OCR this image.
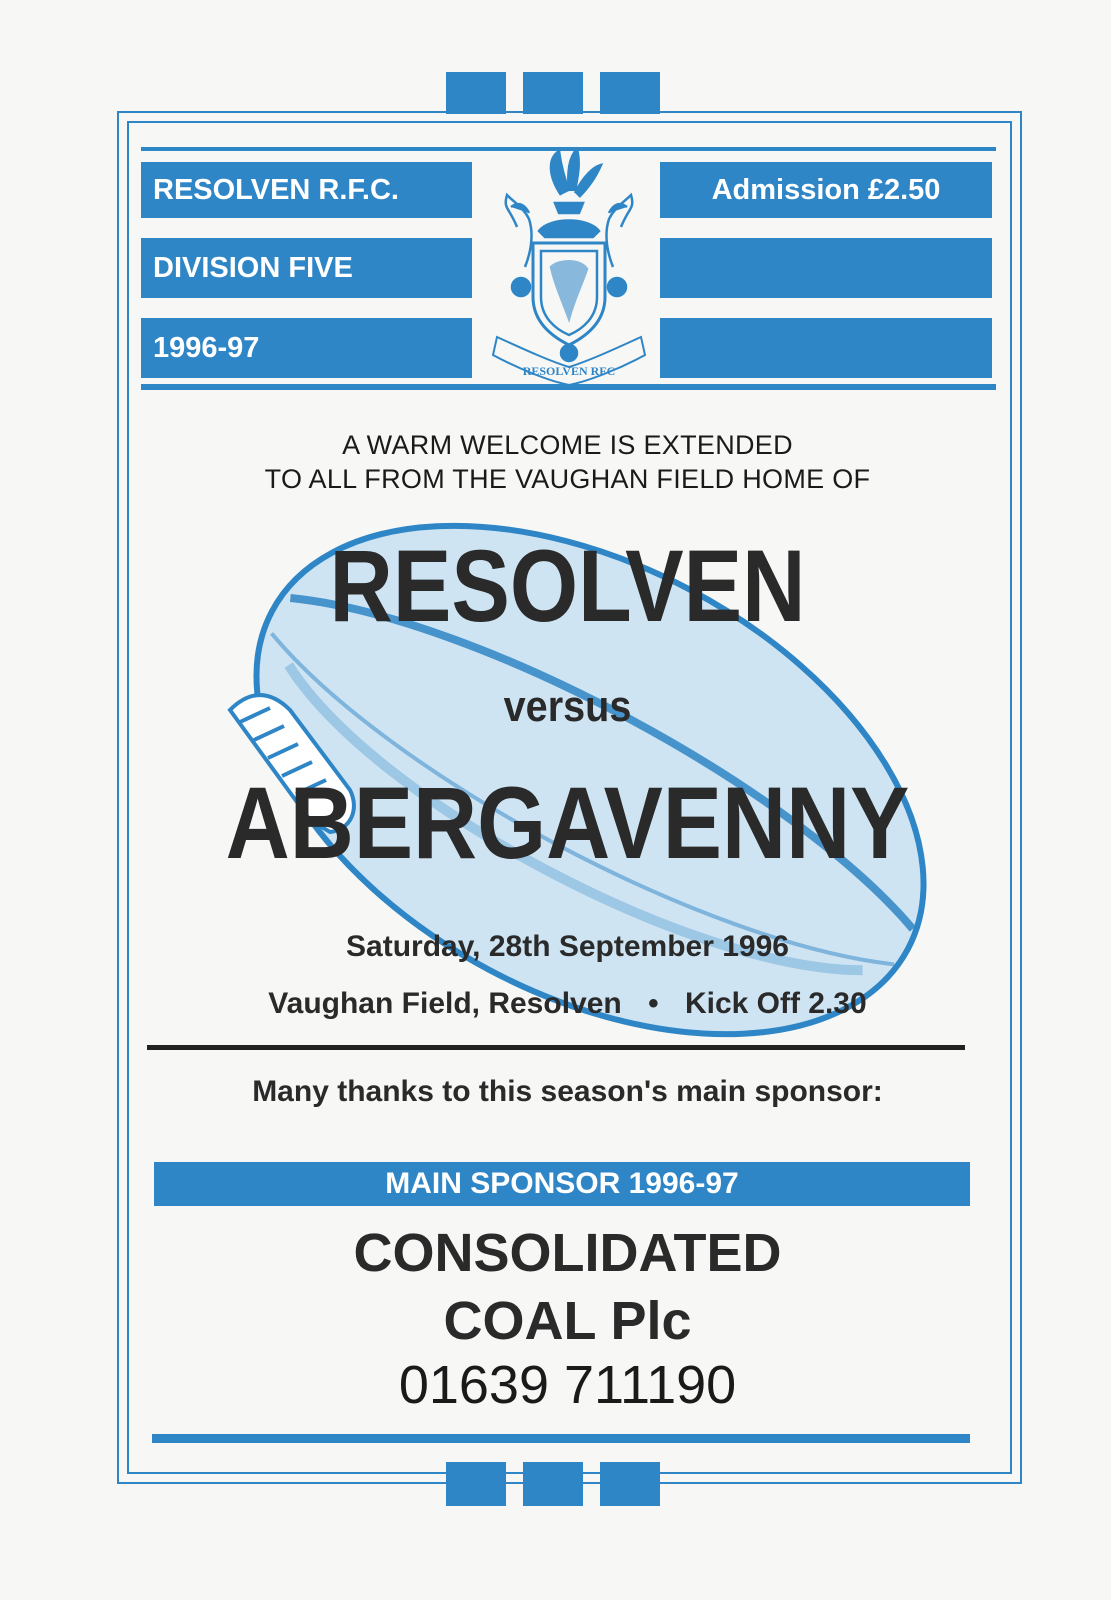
RESOLVEN R.F.C.
DIVISION FIVE
1996-97
Admission £2.50
RESOLVEN RFC
A WARM WELCOME IS EXTENDED
TO ALL FROM THE VAUGHAN FIELD HOME OF
RESOLVEN
versus
ABERGAVENNY
Saturday, 28th September 1996
Vaughan Field, Resolven • Kick Off 2.30
Many thanks to this season's main sponsor:
MAIN SPONSOR 1996-97
CONSOLIDATED
COAL Plc
01639 711190
